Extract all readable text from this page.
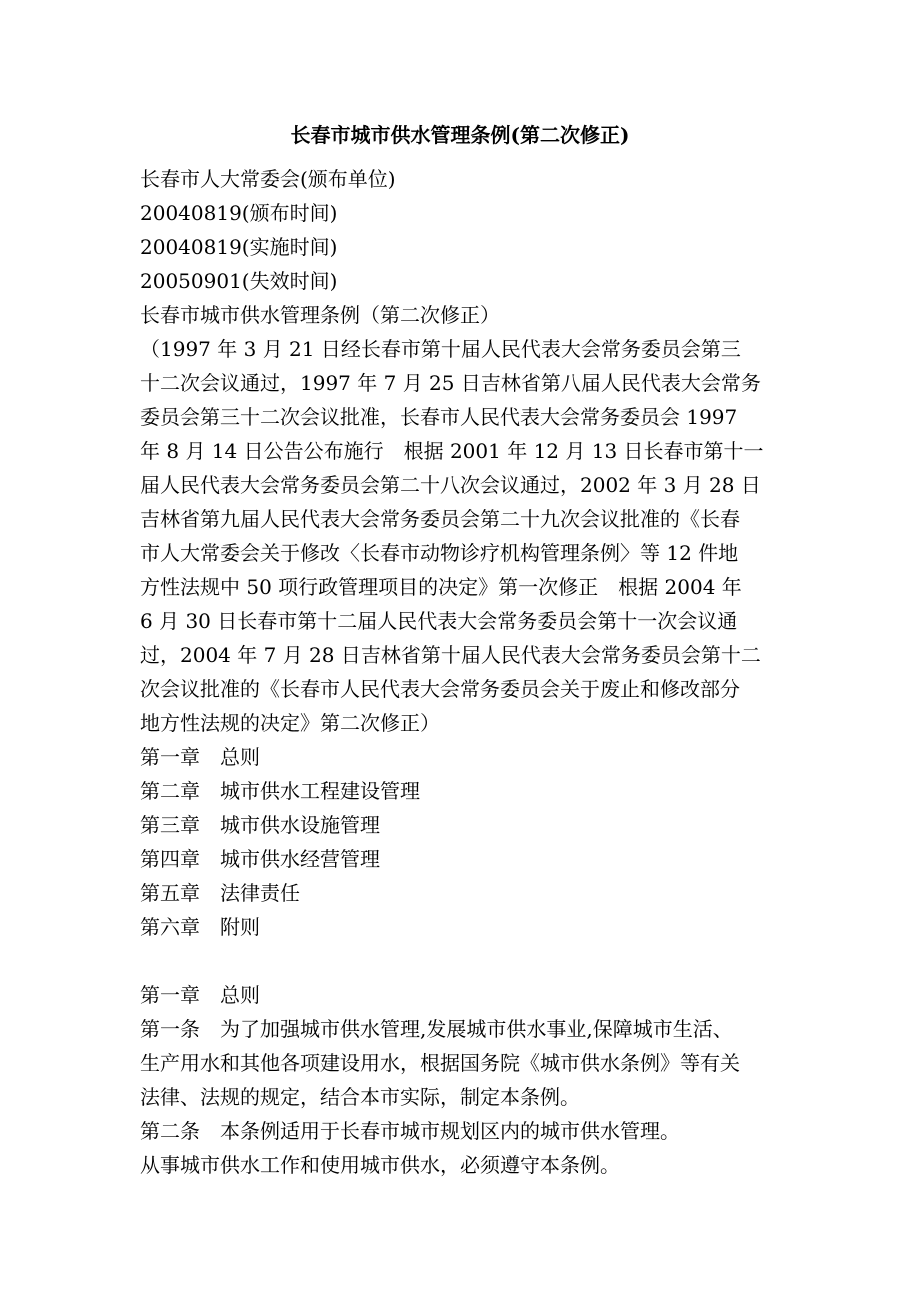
长春市城市供水管理条例(第二次修正)
长春市人大常委会(颁布单位)
20040819(颁布时间)
20040819(实施时间)
20050901(失效时间)
长春市城市供水管理条例（第二次修正）
（1997 年 3 月 21 日经长春市第十届人民代表大会常务委员会第三
十二次会议通过，1997 年 7 月 25 日吉林省第八届人民代表大会常务
委员会第三十二次会议批准，长春市人民代表大会常务委员会 1997
年 8 月 14 日公告公布施行　根据 2001 年 12 月 13 日长春市第十一
届人民代表大会常务委员会第二十八次会议通过，2002 年 3 月 28 日
吉林省第九届人民代表大会常务委员会第二十九次会议批准的《长春
市人大常委会关于修改〈长春市动物诊疗机构管理条例〉等 12 件地
方性法规中 50 项行政管理项目的决定》第一次修正　根据 2004 年
6 月 30 日长春市第十二届人民代表大会常务委员会第十一次会议通
过，2004 年 7 月 28 日吉林省第十届人民代表大会常务委员会第十二
次会议批准的《长春市人民代表大会常务委员会关于废止和修改部分
地方性法规的决定》第二次修正）
第一章　总则
第二章　城市供水工程建设管理
第三章　城市供水设施管理
第四章　城市供水经营管理
第五章　法律责任
第六章　附则
第一章　总则
第一条　为了加强城市供水管理,发展城市供水事业,保障城市生活、
生产用水和其他各项建设用水，根据国务院《城市供水条例》等有关
法律、法规的规定，结合本市实际，制定本条例。
第二条　本条例适用于长春市城市规划区内的城市供水管理。
从事城市供水工作和使用城市供水，必须遵守本条例。
